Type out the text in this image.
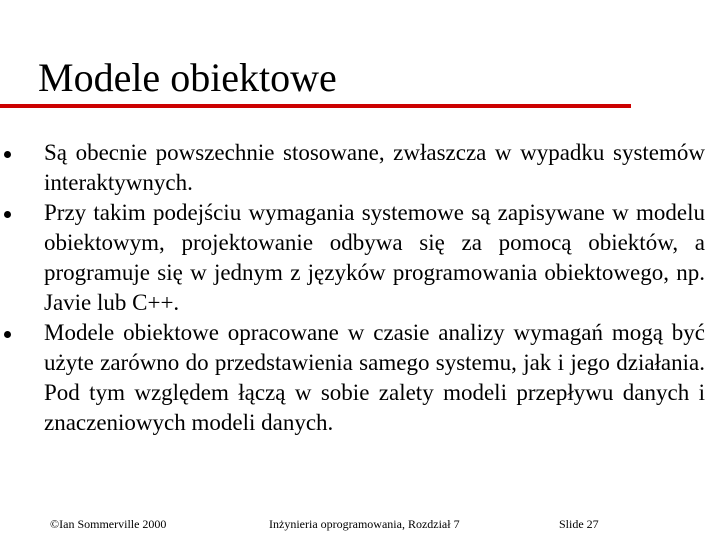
Modele obiektowe
Są obecnie powszechnie stosowane, zwłaszcza w wypadku systemów interaktywnych.
Przy takim podejściu wymagania systemowe są zapisywane w modelu obiektowym, projektowanie odbywa się za pomocą obiektów, a programuje się w jednym z języków programowania obiektowego, np. Javie lub C++.
Modele obiektowe opracowane w czasie analizy wymagań mogą być użyte zarówno do przedstawienia samego systemu, jak i jego działania. Pod tym względem łączą w sobie zalety modeli przepływu danych i znaczeniowych modeli danych.
©Ian Sommerville 2000	Inżynieria oprogramowania, Rozdział 7	Slide 27
